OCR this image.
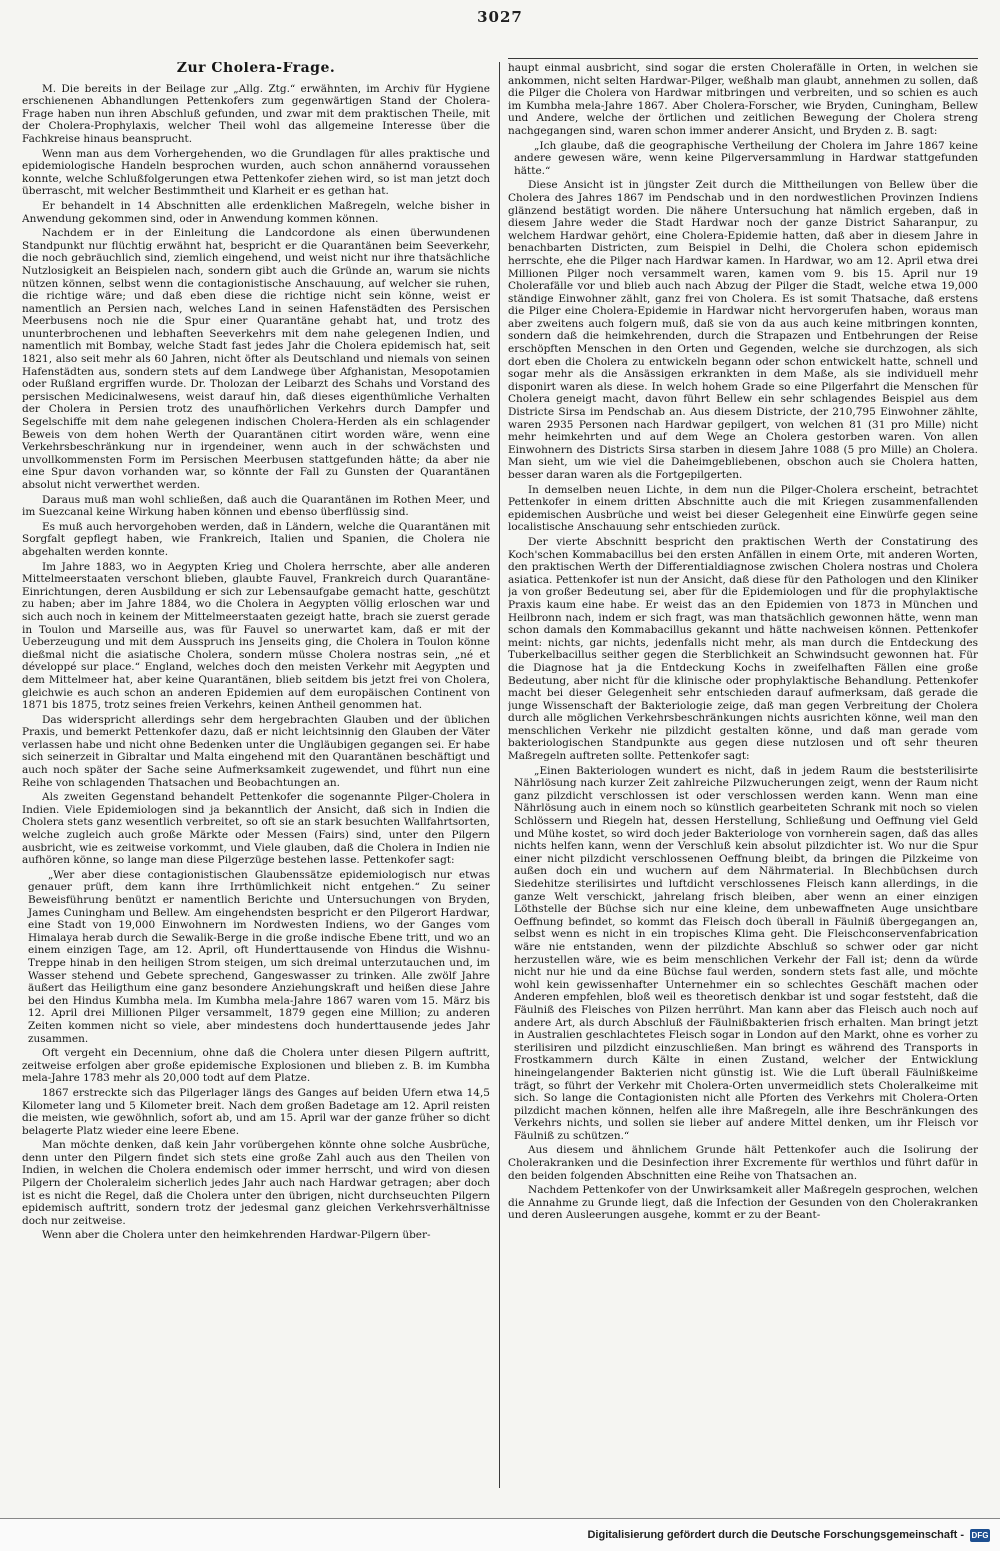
3027
Zur Cholera-Frage.

M. Die bereits in der Beilage zur „Allg. Ztg.“ erwähnten, im Archiv für Hygiene erschienenen Abhandlungen Pettenkofers zum gegenwärtigen Stand der Cholera-Frage haben nun ihren Abschluß gefunden, und zwar mit dem praktischen Theile, mit der Cholera-Prophylaxis, welcher Theil wohl das allgemeine Interesse über die Fachkreise hinaus beansprucht.

Wenn man aus dem Vorhergehenden, wo die Grundlagen für alles praktische und epidemiologische Handeln besprochen wurden, auch schon annähernd voraussehen konnte, welche Schlußfolgerungen etwa Pettenkofer ziehen wird, so ist man jetzt doch überrascht, mit welcher Bestimmtheit und Klarheit er es gethan hat.

Er behandelt in 14 Abschnitten alle erdenklichen Maßregeln, welche bisher in Anwendung gekommen sind, oder in Anwendung kommen können.

Nachdem er in der Einleitung die Landcordone als einen überwundenen Standpunkt nur flüchtig erwähnt hat, bespricht er die Quarantänen beim Seeverkehr, die noch gebräuchlich sind, ziemlich eingehend, und weist nicht nur ihre thatsächliche Nutzlosigkeit an Beispielen nach, sondern gibt auch die Gründe an, warum sie nichts nützen können, selbst wenn die contagionistische Anschauung, auf welcher sie ruhen, die richtige wäre; und daß eben diese die richtige nicht sein könne, weist er namentlich an Persien nach, welches Land in seinen Hafenstädten des Persischen Meerbusens noch nie die Spur einer Quarantäne gehabt hat, und trotz des ununterbrochenen und lebhaften Seeverkehrs mit dem nahe gelegenen Indien, und namentlich mit Bombay, welche Stadt fast jedes Jahr die Cholera epidemisch hat, seit 1821, also seit mehr als 60 Jahren, nicht öfter als Deutschland und niemals von seinen Hafenstädten aus, sondern stets auf dem Landwege über Afghanistan, Mesopotamien oder Rußland ergriffen wurde. Dr. Tholozan der Leibarzt des Schahs und Vorstand des persischen Medicinalwesens, weist darauf hin, daß dieses eigenthümliche Verhalten der Cholera in Persien trotz des unaufhörlichen Verkehrs durch Dampfer und Segelschiffe mit dem nahe gelegenen indischen Cholera-Herden als ein schlagender Beweis von dem hohen Werth der Quarantänen citirt worden wäre, wenn eine Verkehrsbeschränkung nur in irgendeiner, wenn auch in der schwächsten und unvollkommensten Form im Persischen Meerbusen stattgefunden hätte; da aber nie eine Spur davon vorhanden war, so könnte der Fall zu Gunsten der Quarantänen absolut nicht verwerthet werden.

Daraus muß man wohl schließen, daß auch die Quarantänen im Rothen Meer, und im Suezcanal keine Wirkung haben können und ebenso überflüssig sind.

Es muß auch hervorgehoben werden, daß in Ländern, welche die Quarantänen mit Sorgfalt gepflegt haben, wie Frankreich, Italien und Spanien, die Cholera nie abgehalten werden konnte.

Im Jahre 1883, wo in Aegypten Krieg und Cholera herrschte, aber alle anderen Mittelmeerstaaten verschont blieben, glaubte Fauvel, Frankreich durch Quarantäne-Einrichtungen, deren Ausbildung er sich zur Lebensaufgabe gemacht hatte, geschützt zu haben; aber im Jahre 1884, wo die Cholera in Aegypten völlig erloschen war und sich auch noch in keinem der Mittelmeerstaaten gezeigt hatte, brach sie zuerst gerade in Toulon und Marseille aus, was für Fauvel so unerwartet kam, daß er mit der Ueberzeugung und mit dem Ausspruch ins Jenseits ging, die Cholera in Toulon könne dießmal nicht die asiatische Cholera, sondern müsse Cholera nostras sein, „né et développé sur place.“ England, welches doch den meisten Verkehr mit Aegypten und dem Mittelmeer hat, aber keine Quarantänen, blieb seitdem bis jetzt frei von Cholera, gleichwie es auch schon an anderen Epidemien auf dem europäischen Continent von 1871 bis 1875, trotz seines freien Verkehrs, keinen Antheil genommen hat.

Das widerspricht allerdings sehr dem hergebrachten Glauben und der üblichen Praxis, und bemerkt Pettenkofer dazu, daß er nicht leichtsinnig den Glauben der Väter verlassen habe und nicht ohne Bedenken unter die Ungläubigen gegangen sei. Er habe sich seinerzeit in Gibraltar und Malta eingehend mit den Quarantänen beschäftigt und auch noch später der Sache seine Aufmerksamkeit zugewendet, und führt nun eine Reihe von schlagenden Thatsachen und Beobachtungen an.

Als zweiten Gegenstand behandelt Pettenkofer die sogenannte Pilger-Cholera in Indien. Viele Epidemiologen sind ja bekanntlich der Ansicht, daß sich in Indien die Cholera stets ganz wesentlich verbreitet, so oft sie an stark besuchten Wallfahrtsorten, welche zugleich auch große Märkte oder Messen (Fairs) sind, unter den Pilgern ausbricht, wie es zeitweise vorkommt, und Viele glauben, daß die Cholera in Indien nie aufhören könne, so lange man diese Pilgerzüge bestehen lasse. Pettenkofer sagt:

„Wer aber diese contagionistischen Glaubenssätze epidemiologisch nur etwas genauer prüft, dem kann ihre Irrthümlichkeit nicht entgehen.“ Zu seiner Beweisführung benützt er namentlich Berichte und Untersuchungen von Bryden, James Cuningham und Bellew. Am eingehendsten bespricht er den Pilgerort Hardwar, eine Stadt von 19,000 Einwohnern im Nordwesten Indiens, wo der Ganges vom Himalaya herab durch die Sewalik-Berge in die große indische Ebene tritt, und wo an einem einzigen Tage, am 12. April, oft Hunderttausende von Hindus die Wishnu-Treppe hinab in den heiligen Strom steigen, um sich dreimal unterzutauchen und, im Wasser stehend und Gebete sprechend, Gangeswasser zu trinken. Alle zwölf Jahre äußert das Heiligthum eine ganz besondere Anziehungskraft und heißen diese Jahre bei den Hindus Kumbha mela. Im Kumbha mela-Jahre 1867 waren vom 15. März bis 12. April drei Millionen Pilger versammelt, 1879 gegen eine Million; zu anderen Zeiten kommen nicht so viele, aber mindestens doch hunderttausende jedes Jahr zusammen.

Oft vergeht ein Decennium, ohne daß die Cholera unter diesen Pilgern auftritt, zeitweise erfolgen aber große epidemische Explosionen und blieben z. B. im Kumbha mela-Jahre 1783 mehr als 20,000 todt auf dem Platze.

1867 erstreckte sich das Pilgerlager längs des Ganges auf beiden Ufern etwa 14,5 Kilometer lang und 5 Kilometer breit. Nach dem großen Badetage am 12. April reisten die meisten, wie gewöhnlich, sofort ab, und am 15. April war der ganze früher so dicht belagerte Platz wieder eine leere Ebene.

Man möchte denken, daß kein Jahr vorübergehen könnte ohne solche Ausbrüche, denn unter den Pilgern findet sich stets eine große Zahl auch aus den Theilen von Indien, in welchen die Cholera endemisch oder immer herrscht, und wird von diesen Pilgern der Choleraleim sicherlich jedes Jahr auch nach Hardwar getragen; aber doch ist es nicht die Regel, daß die Cholera unter den übrigen, nicht durchseuchten Pilgern epidemisch auftritt, sondern trotz der jedesmal ganz gleichen Verkehrsverhältnisse doch nur zeitweise.

Wenn aber die Cholera unter den heimkehrenden Hardwar-Pilgern über-

haupt einmal ausbricht, sind sogar die ersten Cholerafälle in Orten, in welchen sie ankommen, nicht selten Hardwar-Pilger, weßhalb man glaubt, annehmen zu sollen, daß die Pilger die Cholera von Hardwar mitbringen und verbreiten, und so schien es auch im Kumbha mela-Jahre 1867. Aber Cholera-Forscher, wie Bryden, Cuningham, Bellew und Andere, welche der örtlichen und zeitlichen Bewegung der Cholera streng nachgegangen sind, waren schon immer anderer Ansicht, und Bryden z. B. sagt:

„Ich glaube, daß die geographische Vertheilung der Cholera im Jahre 1867 keine andere gewesen wäre, wenn keine Pilgerversammlung in Hardwar stattgefunden hätte.“

Diese Ansicht ist in jüngster Zeit durch die Mittheilungen von Bellew über die Cholera des Jahres 1867 im Pendschab und in den nordwestlichen Provinzen Indiens glänzend bestätigt worden. Die nähere Untersuchung hat nämlich ergeben, daß in diesem Jahre weder die Stadt Hardwar noch der ganze District Saharanpur, zu welchem Hardwar gehört, eine Cholera-Epidemie hatten, daß aber in diesem Jahre in benachbarten Districten, zum Beispiel in Delhi, die Cholera schon epidemisch herrschte, ehe die Pilger nach Hardwar kamen. In Hardwar, wo am 12. April etwa drei Millionen Pilger noch versammelt waren, kamen vom 9. bis 15. April nur 19 Cholerafälle vor und blieb auch nach Abzug der Pilger die Stadt, welche etwa 19,000 ständige Einwohner zählt, ganz frei von Cholera. Es ist somit Thatsache, daß erstens die Pilger eine Cholera-Epidemie in Hardwar nicht hervorgerufen haben, woraus man aber zweitens auch folgern muß, daß sie von da aus auch keine mitbringen konnten, sondern daß die heimkehrenden, durch die Strapazen und Entbehrungen der Reise erschöpften Menschen in den Orten und Gegenden, welche sie durchzogen, als sich dort eben die Cholera zu entwickeln begann oder schon entwickelt hatte, schnell und sogar mehr als die Ansässigen erkrankten in dem Maße, als sie individuell mehr disponirt waren als diese. In welch hohem Grade so eine Pilgerfahrt die Menschen für Cholera geneigt macht, davon führt Bellew ein sehr schlagendes Beispiel aus dem Districte Sirsa im Pendschab an. Aus diesem Districte, der 210,795 Einwohner zählte, waren 2935 Personen nach Hardwar gepilgert, von welchen 81 (31 pro Mille) nicht mehr heimkehrten und auf dem Wege an Cholera gestorben waren. Von allen Einwohnern des Districts Sirsa starben in diesem Jahre 1088 (5 pro Mille) an Cholera. Man sieht, um wie viel die Daheimgebliebenen, obschon auch sie Cholera hatten, besser daran waren als die Fortgepilgerten.

In demselben neuen Lichte, in dem nun die Pilger-Cholera erscheint, betrachtet Pettenkofer in einem dritten Abschnitte auch die mit Kriegen zusammenfallenden epidemischen Ausbrüche und weist bei dieser Gelegenheit eine Einwürfe gegen seine localistische Anschauung sehr entschieden zurück.

Der vierte Abschnitt bespricht den praktischen Werth der Constatirung des Koch'schen Kommabacillus bei den ersten Anfällen in einem Orte, mit anderen Worten, den praktischen Werth der Differentialdiagnose zwischen Cholera nostras und Cholera asiatica. Pettenkofer ist nun der Ansicht, daß diese für den Pathologen und den Kliniker ja von großer Bedeutung sei, aber für die Epidemiologen und für die prophylaktische Praxis kaum eine habe. Er weist das an den Epidemien von 1873 in München und Heilbronn nach, indem er sich fragt, was man thatsächlich gewonnen hätte, wenn man schon damals den Kommabacillus gekannt und hätte nachweisen können. Pettenkofer meint: nichts, gar nichts, jedenfalls nicht mehr, als man durch die Entdeckung des Tuberkelbacillus seither gegen die Sterblichkeit an Schwindsucht gewonnen hat. Für die Diagnose hat ja die Entdeckung Kochs in zweifelhaften Fällen eine große Bedeutung, aber nicht für die klinische oder prophylaktische Behandlung. Pettenkofer macht bei dieser Gelegenheit sehr entschieden darauf aufmerksam, daß gerade die junge Wissenschaft der Bakteriologie zeige, daß man gegen Verbreitung der Cholera durch alle möglichen Verkehrsbeschränkungen nichts ausrichten könne, weil man den menschlichen Verkehr nie pilzdicht gestalten könne, und daß man gerade vom bakteriologischen Standpunkte aus gegen diese nutzlosen und oft sehr theuren Maßregeln auftreten sollte. Pettenkofer sagt:

„Einen Bakteriologen wundert es nicht, daß in jedem Raum die beststerilisirte Nährlösung nach kurzer Zeit zahlreiche Pilzwucherungen zeigt, wenn der Raum nicht ganz pilzdicht verschlossen ist oder verschlossen werden kann. Wenn man eine Nährlösung auch in einem noch so künstlich gearbeiteten Schrank mit noch so vielen Schlössern und Riegeln hat, dessen Herstellung, Schließung und Oeffnung viel Geld und Mühe kostet, so wird doch jeder Bakteriologe von vornherein sagen, daß das alles nichts helfen kann, wenn der Verschluß kein absolut pilzdichter ist. Wo nur die Spur einer nicht pilzdicht verschlossenen Oeffnung bleibt, da bringen die Pilzkeime von außen doch ein und wuchern auf dem Nährmaterial. In Blechbüchsen durch Siedehitze sterilisirtes und luftdicht verschlossenes Fleisch kann allerdings, in die ganze Welt verschickt, jahrelang frisch bleiben, aber wenn an einer einzigen Löthstelle der Büchse sich nur eine kleine, dem unbewaffneten Auge unsichtbare Oeffnung befindet, so kommt das Fleisch doch überall in Fäulniß übergegangen an, selbst wenn es nicht in ein tropisches Klima geht. Die Fleischconservenfabrication wäre nie entstanden, wenn der pilzdichte Abschluß so schwer oder gar nicht herzustellen wäre, wie es beim menschlichen Verkehr der Fall ist; denn da würde nicht nur hie und da eine Büchse faul werden, sondern stets fast alle, und möchte wohl kein gewissenhafter Unternehmer ein so schlechtes Geschäft machen oder Anderen empfehlen, bloß weil es theoretisch denkbar ist und sogar feststeht, daß die Fäulniß des Fleisches von Pilzen herrührt. Man kann aber das Fleisch auch noch auf andere Art, als durch Abschluß der Fäulnißbakterien frisch erhalten. Man bringt jetzt in Australien geschlachtetes Fleisch sogar in London auf den Markt, ohne es vorher zu sterilisiren und pilzdicht einzuschließen. Man bringt es während des Transports in Frostkammern durch Kälte in einen Zustand, welcher der Entwicklung hineingelangender Bakterien nicht günstig ist. Wie die Luft überall Fäulnißkeime trägt, so führt der Verkehr mit Cholera-Orten unvermeidlich stets Choleralkeime mit sich. So lange die Contagionisten nicht alle Pforten des Verkehrs mit Cholera-Orten pilzdicht machen können, helfen alle ihre Maßregeln, alle ihre Beschränkungen des Verkehrs nichts, und sollen sie lieber auf andere Mittel denken, um ihr Fleisch vor Fäulniß zu schützen.“

Aus diesem und ähnlichem Grunde hält Pettenkofer auch die Isolirung der Cholerakranken und die Desinfection ihrer Excremente für werthlos und führt dafür in den beiden folgenden Abschnitten eine Reihe von Thatsachen an.

Nachdem Pettenkofer von der Unwirksamkeit aller Maßregeln gesprochen, welchen die Annahme zu Grunde liegt, daß die Infection der Gesunden von den Cholerakranken und deren Ausleerungen ausgehe, kommt er zu der Beant-

Digitalisierung gefördert durch die Deutsche Forschungsgemeinschaft - DFG
